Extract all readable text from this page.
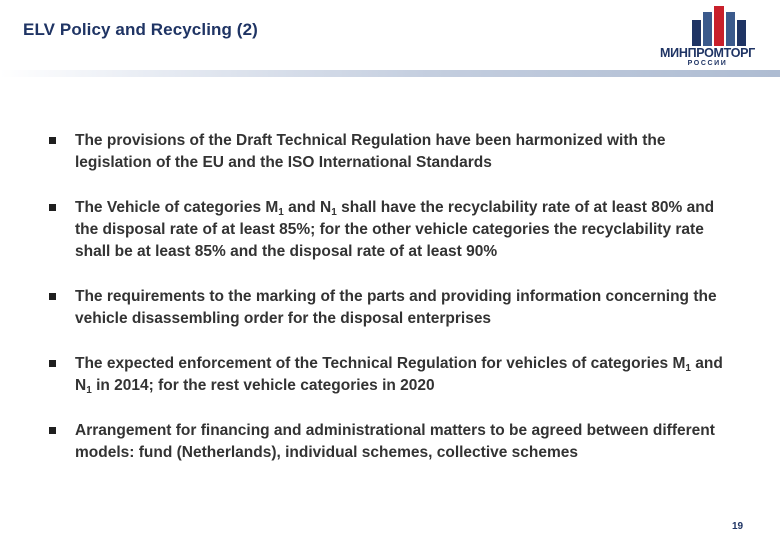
ELV Policy and Recycling (2)
МИНПРОМТОРГ
РОССИИ
The provisions of the Draft Technical Regulation have been harmonized with the legislation of the EU and the ISO International Standards
The Vehicle of categories $M_1$ and $N_1$ shall have the recyclability rate of at least 80% and the disposal rate of at least 85%; for the other vehicle categories the recyclability rate shall be at least 85% and the disposal rate of at least 90%
The requirements to the marking of the parts and providing information concerning the vehicle disassembling order for the disposal enterprises
The expected enforcement of the Technical Regulation for vehicles of categories $M_1$ and $N_1$ in 2014; for the rest vehicle categories in 2020
Arrangement for financing and administrational matters to be agreed between different models: fund (Netherlands), individual schemes, collective schemes
19
